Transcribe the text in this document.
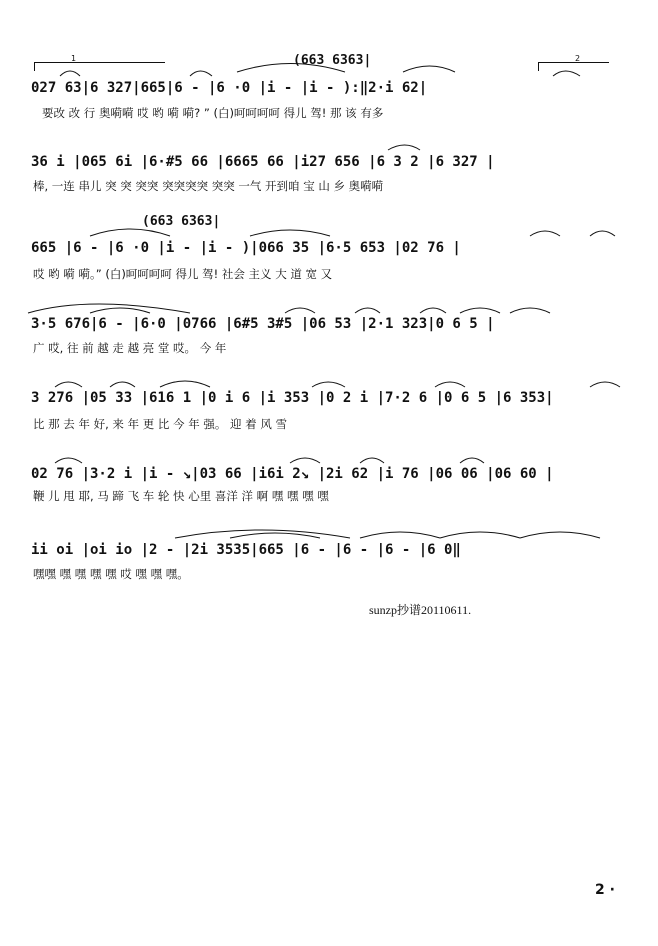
(663 6363|
1	2
027 63|6 327|665|6 - |6 ·0 |i - |i - ):‖2·i 62|
要改 改 行 奥嗬嗬 哎 哟 嗬 嗬? ” (白)呵呵呵呵 得儿 驾! 那 该 有多
36 i |065 6i |6·#5 66 |6665 66 |i27 656 |6 3 2 |6 327 |
棒, 一连 串儿 突 突 突突 突突突突 突突 一气 开到咱 宝 山 乡 奥嗬嗬
(663 6363|
665 |6 - |6 ·0 |i - |i - )|066 35 |6·5 653 |02 76 |
哎 哟 嗬 嗬。” (白)呵呵呵呵 得儿 驾! 社会 主义 大 道 宽 又
3·5 676|6 - |6·0 |0766 |6#5 3#5 |06 53 |2·1 323|0 6 5 |
广 哎, 往 前 越 走 越 亮 堂 哎。 今 年
3 276 |05 33 |616 1 |0 i 6 |i 353 |0 2 i |7·2 6 |0 6 5 |6 353|
比 那 去 年 好, 来 年 更 比 今 年 强。 迎 着 风 雪
02 76 |3·2 i |i - ↘|03 66 |i6i 2↘ |2i 62 |i 76 |06 06 |06 60 |
鞭 儿 甩 耶, 马 蹄 飞 车 轮 快 心里 喜洋 洋 啊 嘿 嘿 嘿 嘿
ii oi |oi io |2 - |2i 3535|665 |6 - |6 - |6 - |6 0‖
嘿嘿 嘿 嘿 嘿 嘿 哎 嘿 嘿 嘿。
sunzp抄谱20110611.
2 ·
